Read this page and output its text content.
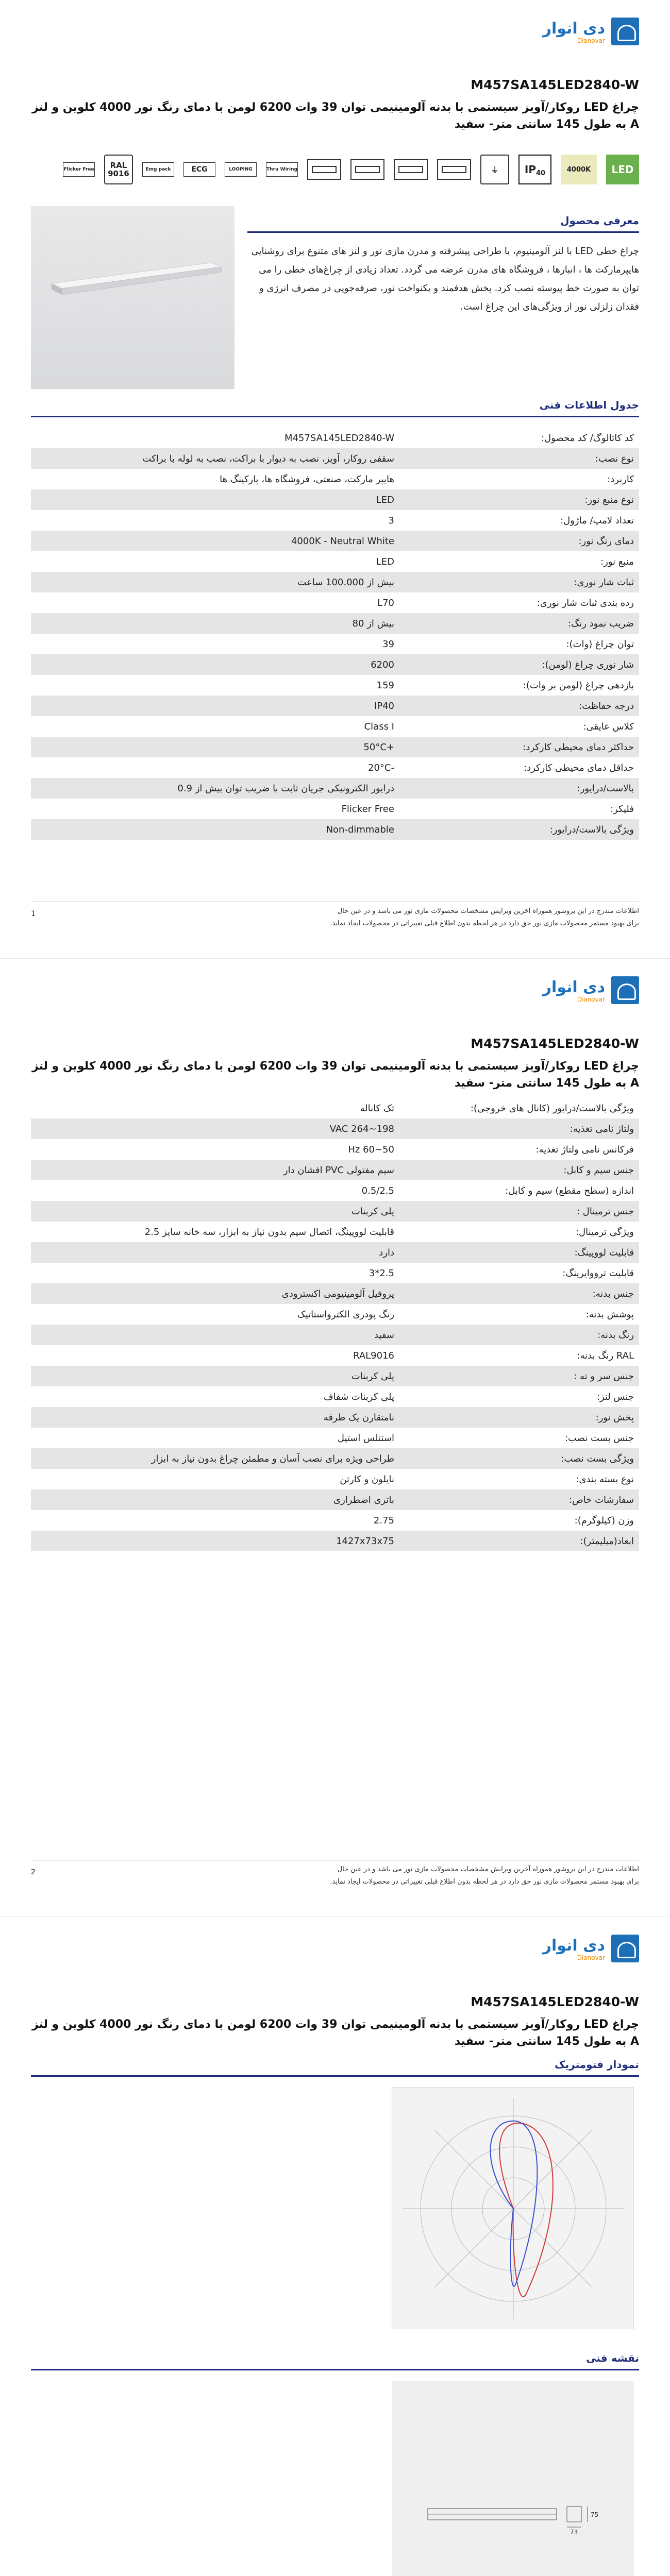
دی انوار
Dianovar
M457SA145LED2840-W
چراغ LED روکار/آویز سیستمی با بدنه آلومینیمی توان 39 وات 6200 لومن با دمای رنگ نور 4000 کلوین و لنز A به طول 145 سانتی متر- سفید
LED
4000K
IP 40
⏚
Thru Wiring
LOOPING
ECG
Emg pack
RAL
9016
Flicker Free
معرفی محصول
چراغ خطی LED با لنز آلومینیوم، با طراحی پیشرفته و مدرن مازی نور و لنز های متنوع برای روشنایی هایپرمارکت ها ، انبارها ، فروشگاه های مدرن عرضه می گردد. تعداد زیادی از چراغ‌های خطی را می توان به صورت خط پیوسته نصب کرد. پخش هدفمند و یکنواخت نور، صرفه‌جویی در مصرف انرژی و فقدان زلزلی نور از ویژگی‌های این چراغ است.
جدول اطلاعات فنی
کد کاتالوگ/ کد محصول:
M457SA145LED2840-W
نوع نصب:
سقفی روکار، آویز، نصب به دیوار با براکت، نصب به لوله با براکت
کاربرد:
هایپر مارکت، صنعتی، فروشگاه ها، پارکینگ ها
نوع منبع نور:
LED
تعداد لامپ/ ماژول:
3
دمای رنگ نور:
4000K - Neutral White
منبع نور:
LED
ثبات شار نوری:
بیش از 100.000 ساعت
رده بندی ثبات شار نوری:
L70
ضریب نمود رنگ:
بیش از 80
توان چراغ (وات):
39
شار نوری چراغ (لومن):
6200
بازدهی چراغ (لومن بر وات):
159
درجه حفاظت:
IP40
کلاس عایقی:
Class I
حداکثر دمای محیطی کارکرد:
+50°C
حداقل دمای محیطی کارکرد:
-20°C
بالاست/درایور:
درایور الکترونیکی جریان ثابت با ضریب توان بیش از 0.9
فلیکر:
Flicker Free
ویژگی بالاست/درایور:
Non-dimmable
1	اطلاعات مندرج در این بروشور هموراه آخرین ویرایش مشخصات محصولات مازی نور می باشد و در عین حال
برای بهبود مستمر محصولات مازی نور حق دارد در هر لحظه بدون اطلاع قبلی تغییراتی در محصولات ایجاد نماید.
دی انوار
Dianovar
M457SA145LED2840-W
چراغ LED روکار/آویز سیستمی با بدنه آلومینیمی توان 39 وات 6200 لومن با دمای رنگ نور 4000 کلوین و لنز A به طول 145 سانتی متر- سفید
ویژگی بالاست/درایور (کانال های خروجی):
تک کاناله
ولتاژ نامی تغذیه:
198~264 VAC
فرکانس نامی ولتاژ تغذیه:
50~60 Hz
جنس سیم و کابل:
سیم مفتولی PVC افشان دار
اندازه (سطح مقطع) سیم و کابل:
0.5/2.5
جنس ترمینال :
پلی کربنات
ویژگی ترمینال:
قابلیت لووپینگ، اتصال سیم بدون نیاز به ابزار، سه خانه سایز 2.5
قابلیت لووپینگ:
دارد
قابلیت ترووایرینگ:
2.5*3
جنس بدنه:
پروفیل آلومینیومی اکسترودی
پوشش بدنه:
رنگ پودری الکترواستاتیک
رنگ بدنه:
سفید
RAL رنگ بدنه:
RAL9016
جنس سر و ته :
پلی کربنات
جنس لنز:
پلی کربنات شفاف
پخش نور:
نامتقارن یک طرفه
جنس بست نصب:
استنلس استیل
ویژگی بست نصب:
طراحی ویژه برای نصب آسان و مطمئن چراغ بدون نیاز به ابزار
نوع بسته بندی:
نایلون و کارتن
سفارشات خاص:
باتری اضطراری
وزن (کیلوگرم):
2.75
ابعاد(میلیمتر):
1427x73x75
2	اطلاعات مندرج در این بروشور هموراه آخرین ویرایش مشخصات محصولات مازی نور می باشد و در عین حال
برای بهبود مستمر محصولات مازی نور حق دارد در هر لحظه بدون اطلاع قبلی تغییراتی در محصولات ایجاد نماید.
دی انوار
Dianovar
M457SA145LED2840-W
چراغ LED روکار/آویز سیستمی با بدنه آلومینیمی توان 39 وات 6200 لومن با دمای رنگ نور 4000 کلوین و لنز A به طول 145 سانتی متر- سفید
نمودار فتومتریک
نقشه فنی
75
73
